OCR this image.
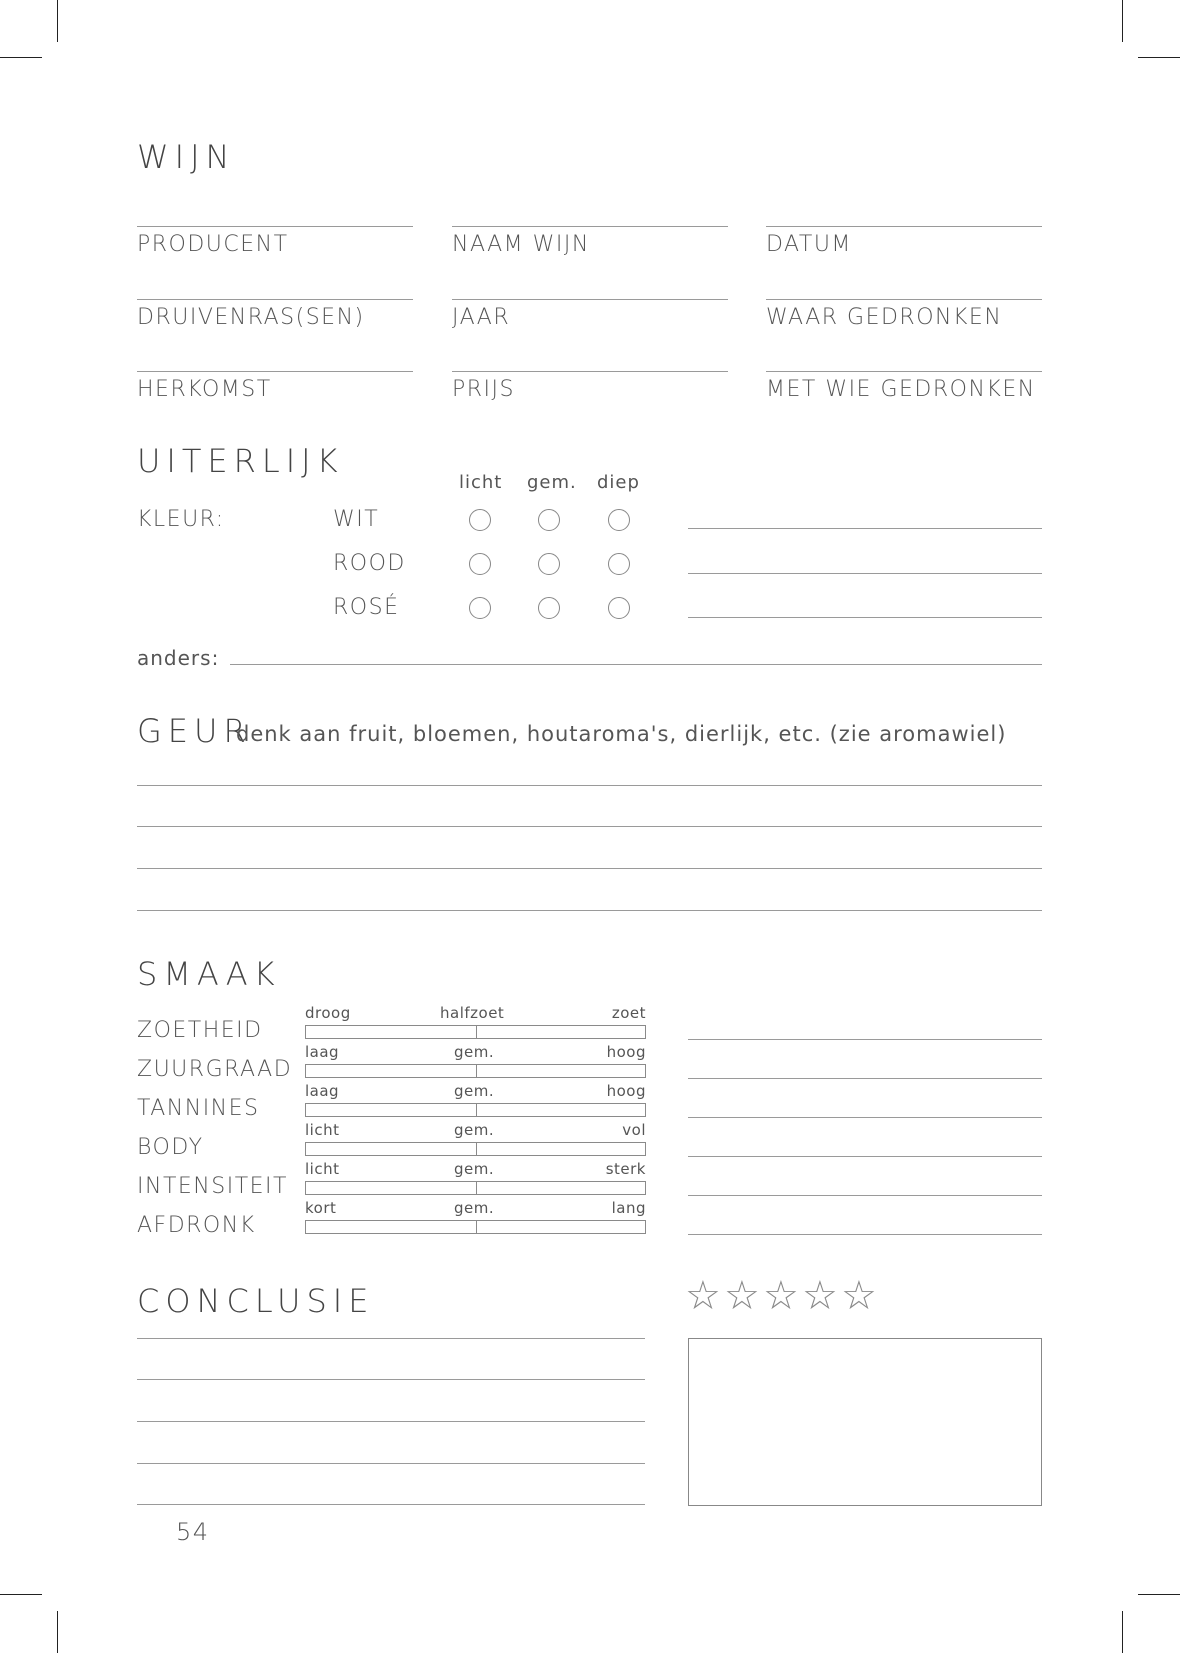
WIJN
PRODUCENT	NAAM WIJN	DATUM
DRUIVENRAS(SEN)	JAAR	WAAR GEDRONKEN
HERKOMST	PRIJS	MET WIE GEDRONKEN
UITERLIJK
licht gem. diep
KLEUR:	WIT
ROOD
ROSÉ
anders:
GEUR
denk aan fruit, bloemen, houtaroma's, dierlijk, etc. (zie aromawiel)
SMAAK
ZOETHEID
droog	halfzoet	zoet
ZUURGRAAD
laag	gem.	hoog
TANNINES
laag	gem.	hoog
BODY
licht	gem.	vol
INTENSITEIT
licht	gem.	sterk
AFDRONK
kort	gem.	lang
CONCLUSIE	☆ ☆ ☆ ☆ ☆
54
